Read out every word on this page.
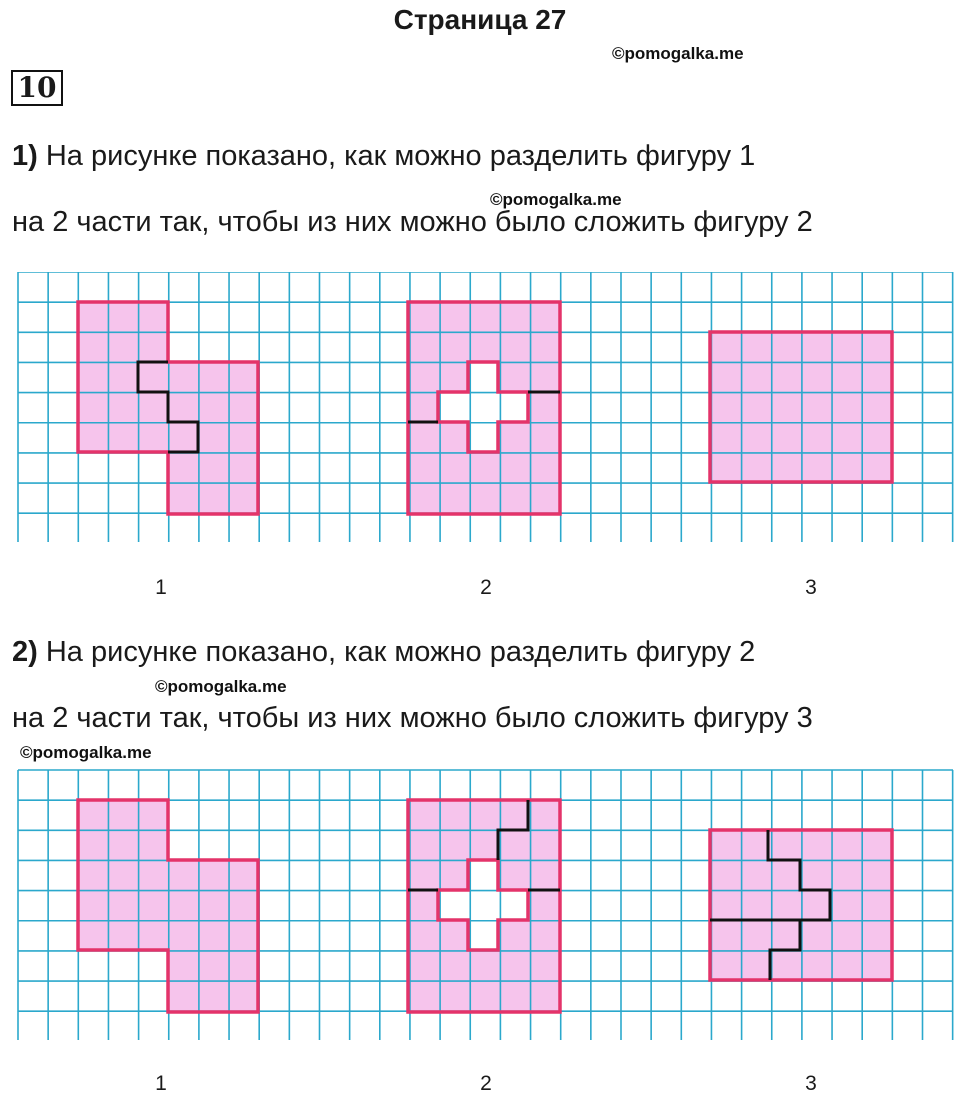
Страница 27
©pomogalka.me
10
1) На рисунке показано, как можно разделить фигуру 1
©pomogalka.me
на 2 части так, чтобы из них можно было сложить фигуру 2
1	2	3
2) На рисунке показано, как можно разделить фигуру 2
©pomogalka.me
на 2 части так, чтобы из них можно было сложить фигуру 3
©pomogalka.me
1	2	3
